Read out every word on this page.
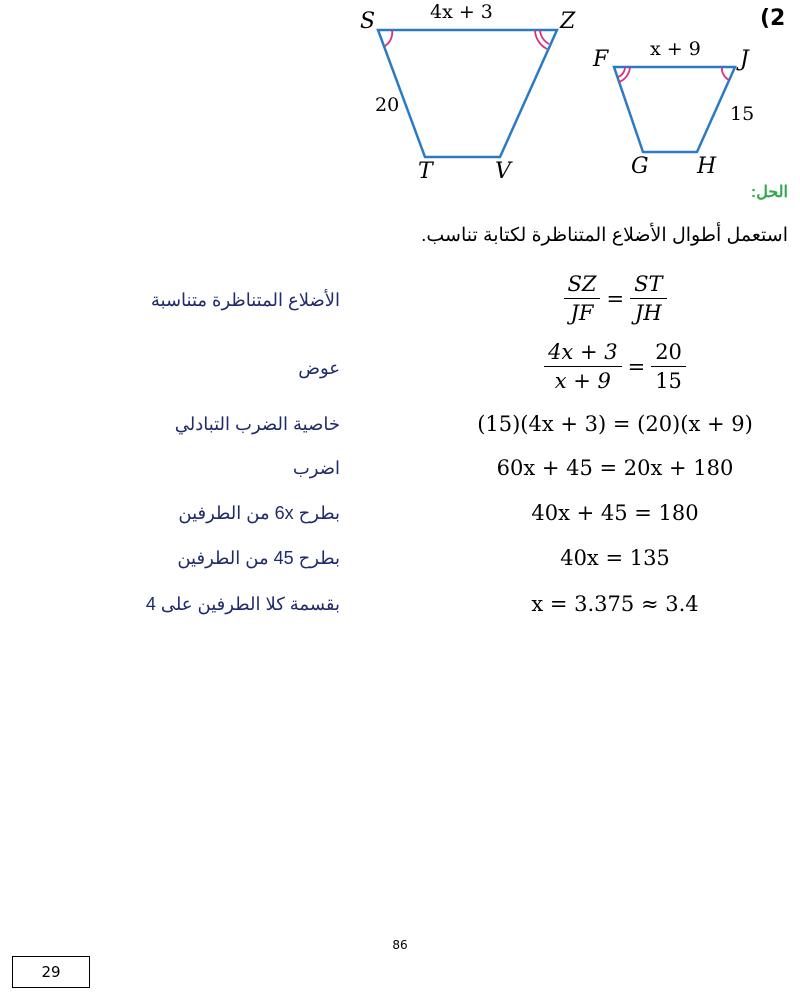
(2
S	Z
T	V
4x + 3
20
F	J
G H
x + 9
15
الحل:
استعمل أطوال الأضلاع المتناظرة لكتابة تناسب.
$\frac{SZ}{JF} = \frac{ST}{JH}$
الأضلاع المتناظرة متناسبة
$\frac{4x + 3}{x + 9} = \frac{20}{15}$
عوض
(15)(4x + 3) = (20)(x + 9)
خاصية الضرب التبادلي
60x + 45 = 20x + 180
اضرب
40x + 45 = 180
بطرح 6x من الطرفين
40x = 135
بطرح 45 من الطرفين
x = 3.375 ≈ 3.4
بقسمة كلا الطرفين على 4
86
29
